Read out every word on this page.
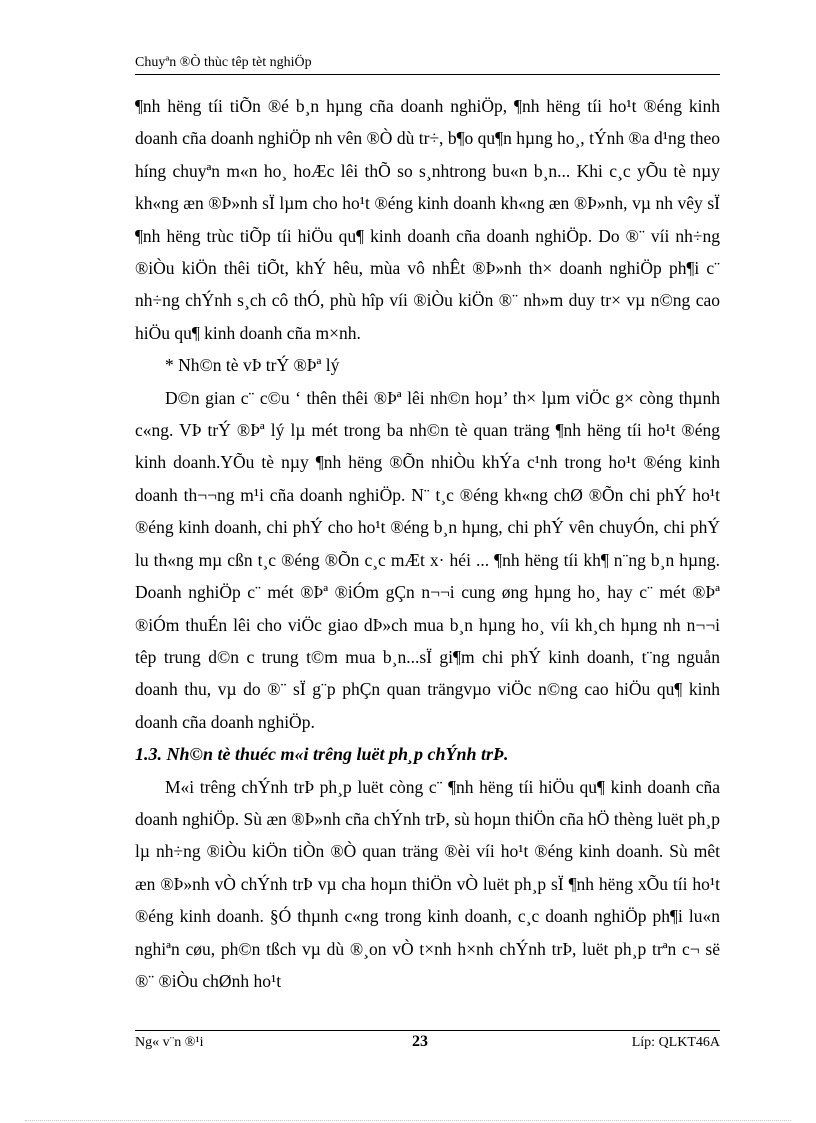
Chuyªn ®Ò thùc têp tèt nghiÖp

¶nh hëng tíi tiÕn ®é b¸n hµng cña doanh nghiÖp, ¶nh hëng tíi ho¹t ®éng kinh doanh cña doanh nghiÖp nh vên ®Ò dù tr÷, b¶o qu¶n hµng ho¸, tÝnh ®a d¹ng theo híng chuyªn m«n ho¸ hoÆc lêi thÕ so s¸nhtrong bu«n b¸n... Khi c¸c yÕu tè nµy kh«ng æn ®Þ»nh sÏ lµm cho ho¹t ®éng kinh doanh kh«ng æn ®Þ»nh, vµ nh vêy sÏ ¶nh hëng trùc tiÕp tíi hiÖu qu¶ kinh doanh cña doanh nghiÖp. Do ®¨ víi nh÷ng ®iÒu kiÖn thêi tiÕt, khÝ hêu, mùa vô nhÊt ®Þ»nh th× doanh nghiÖp ph¶i c¨ nh÷ng chÝnh s¸ch cô thÓ, phù hîp víi ®iÒu kiÖn ®¨ nh»m duy tr× vµ n©ng cao hiÖu qu¶ kinh doanh cña m×nh.

* Nh©n tè vÞ trÝ ®Þª lý

D©n gian c¨ c©u ‘ thên thêi ®Þª lêi nh©n hoµ’ th× lµm viÖc g× còng thµnh c«ng. VÞ trÝ ®Þª lý lµ mét trong ba nh©n tè quan träng ¶nh hëng tíi ho¹t ®éng kinh doanh.YÕu tè nµy ¶nh hëng ®Õn nhiÒu khÝa c¹nh trong ho¹t ®éng kinh doanh th¬¬ng m¹i cña doanh nghiÖp. N¨ t¸c ®éng kh«ng chØ ®Õn chi phÝ ho¹t ®éng kinh doanh, chi phÝ cho ho¹t ®éng b¸n hµng, chi phÝ vên chuyÓn, chi phÝ lu th«ng mµ cßn t¸c ®éng ®Õn c¸c mÆt x· héi ... ¶nh hëng tíi kh¶ n¨ng b¸n hµng. Doanh nghiÖp c¨ mét ®Þª ®iÓm gÇn n¬¬i cung øng hµng ho¸ hay c¨ mét ®Þª ®iÓm thuÉn lêi cho viÖc giao dÞ»ch mua b¸n hµng ho¸ víi kh¸ch hµng nh n¬¬i têp trung d©n c trung t©m mua b¸n...sÏ gi¶m chi phÝ kinh doanh, t¨ng nguån doanh thu, vµ do ®¨ sÏ g¨p phÇn quan trängvµo viÖc n©ng cao hiÖu qu¶ kinh doanh cña doanh nghiÖp.

1.3. Nh©n tè thuéc m«i trêng luët ph¸p chÝnh trÞ.

M«i trêng chÝnh trÞ ph¸p luët còng c¨ ¶nh hëng tíi hiÖu qu¶ kinh doanh cña doanh nghiÖp. Sù æn ®Þ»nh cña chÝnh trÞ, sù hoµn thiÖn cña hÖ thèng luët ph¸p lµ nh÷ng ®iÒu kiÖn tiÒn ®Ò quan träng ®èi víi ho¹t ®éng kinh doanh. Sù mêt æn ®Þ»nh vÒ chÝnh trÞ vµ cha hoµn thiÖn vÒ luët ph¸p sÏ ¶nh hëng xÕu tíi ho¹t ®éng kinh doanh. §Ó thµnh c«ng trong kinh doanh, c¸c doanh nghiÖp ph¶i lu«n nghiªn cøu, ph©n tßch vµ dù ®¸on vÒ t×nh h×nh chÝnh trÞ, luët ph¸p trªn c¬ së ®¨ ®iÒu chØnh ho¹t

Ng« v¨n ®¹i	23	Líp: QLKT46A
